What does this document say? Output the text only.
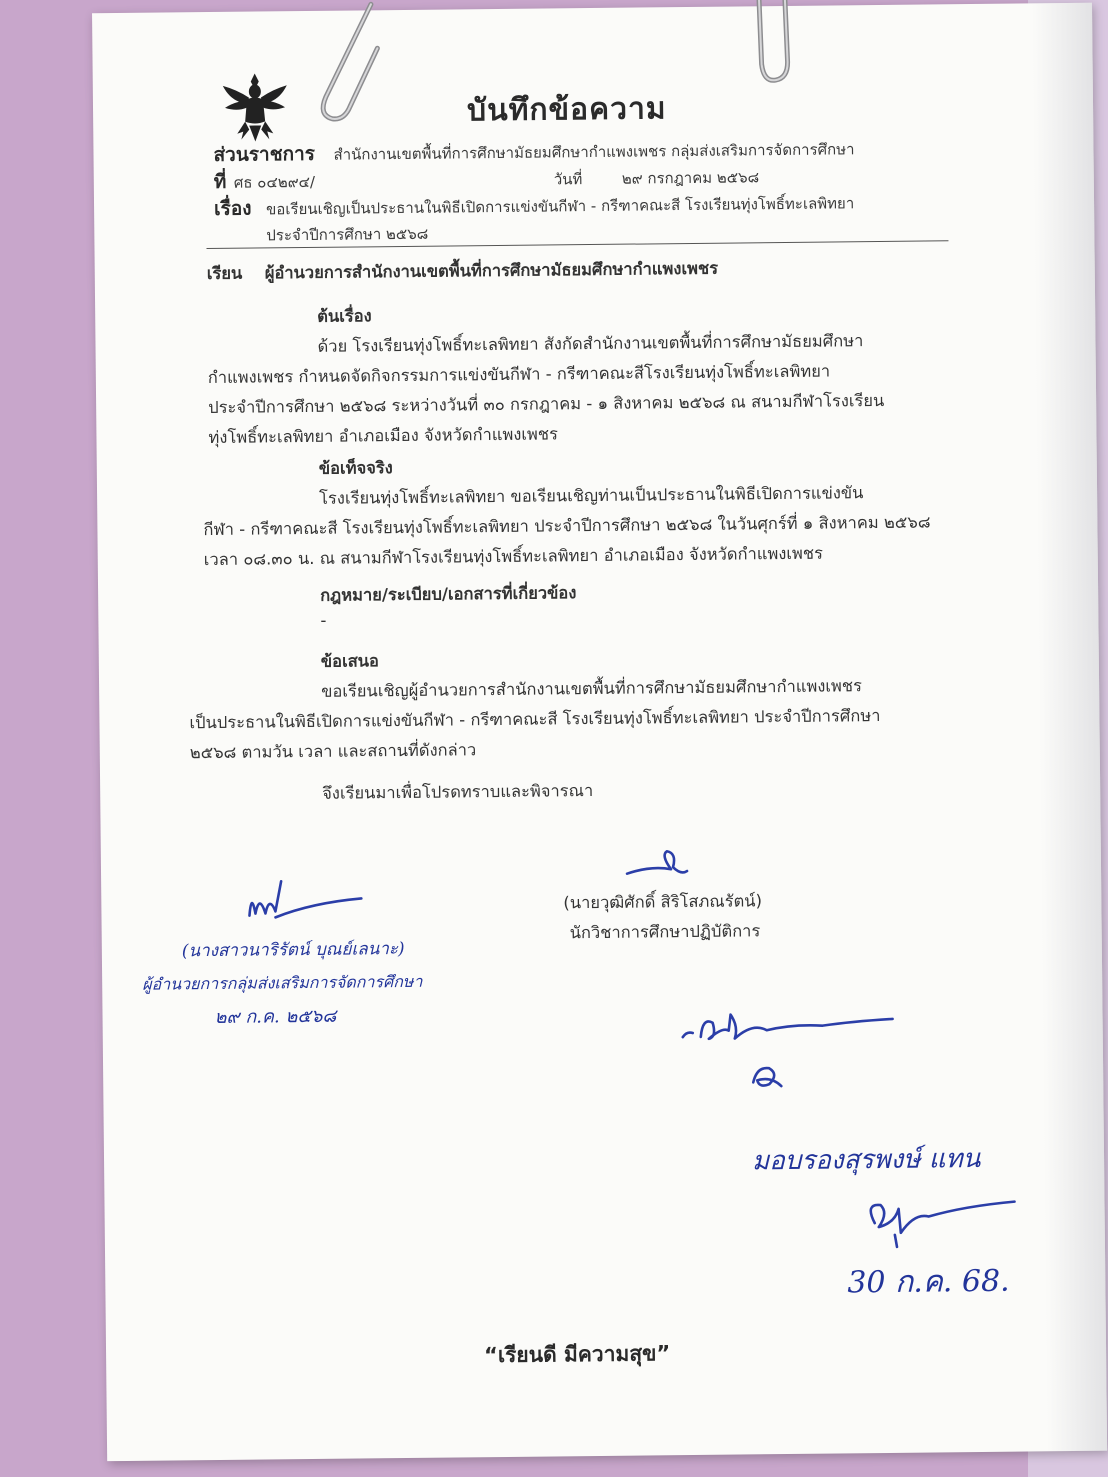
บันทึกข้อความ
ส่วนราชการ สำนักงานเขตพื้นที่การศึกษามัธยมศึกษากำแพงเพชร กลุ่มส่งเสริมการจัดการศึกษา
ที่ ศธ ๐๔๒๙๔/	วันที่	๒๙ กรกฎาคม ๒๕๖๘
เรื่อง ขอเรียนเชิญเป็นประธานในพิธีเปิดการแข่งขันกีฬา - กรีฑาคณะสี โรงเรียนทุ่งโพธิ์ทะเลพิทยา
ประจำปีการศึกษา ๒๕๖๘
เรียน ผู้อำนวยการสำนักงานเขตพื้นที่การศึกษามัธยมศึกษากำแพงเพชร
ต้นเรื่อง
ด้วย โรงเรียนทุ่งโพธิ์ทะเลพิทยา สังกัดสำนักงานเขตพื้นที่การศึกษามัธยมศึกษา
กำแพงเพชร กำหนดจัดกิจกรรมการแข่งขันกีฬา - กรีฑาคณะสีโรงเรียนทุ่งโพธิ์ทะเลพิทยา
ประจำปีการศึกษา ๒๕๖๘ ระหว่างวันที่ ๓๐ กรกฎาคม - ๑ สิงหาคม ๒๕๖๘ ณ สนามกีฬาโรงเรียน
ทุ่งโพธิ์ทะเลพิทยา อำเภอเมือง จังหวัดกำแพงเพชร
ข้อเท็จจริง
โรงเรียนทุ่งโพธิ์ทะเลพิทยา ขอเรียนเชิญท่านเป็นประธานในพิธีเปิดการแข่งขัน
กีฬา - กรีฑาคณะสี โรงเรียนทุ่งโพธิ์ทะเลพิทยา ประจำปีการศึกษา ๒๕๖๘ ในวันศุกร์ที่ ๑ สิงหาคม ๒๕๖๘
เวลา ๐๘.๓๐ น. ณ สนามกีฬาโรงเรียนทุ่งโพธิ์ทะเลพิทยา อำเภอเมือง จังหวัดกำแพงเพชร
กฎหมาย/ระเบียบ/เอกสารที่เกี่ยวข้อง
-
ข้อเสนอ
ขอเรียนเชิญผู้อำนวยการสำนักงานเขตพื้นที่การศึกษามัธยมศึกษากำแพงเพชร
เป็นประธานในพิธีเปิดการแข่งขันกีฬา - กรีฑาคณะสี โรงเรียนทุ่งโพธิ์ทะเลพิทยา ประจำปีการศึกษา
๒๕๖๘ ตามวัน เวลา และสถานที่ดังกล่าว
จึงเรียนมาเพื่อโปรดทราบและพิจารณา
(นายวุฒิศักดิ์ สิริโสภณรัตน์)
นักวิชาการศึกษาปฏิบัติการ
(นางสาวนาริรัตน์ บุณย์เลนาะ)
ผู้อำนวยการกลุ่มส่งเสริมการจัดการศึกษา
๒๙ ก.ค. ๒๕๖๘
มอบรองสุรพงษ์ แทน
30 ก.ค. 68.
“เรียนดี มีความสุข”
